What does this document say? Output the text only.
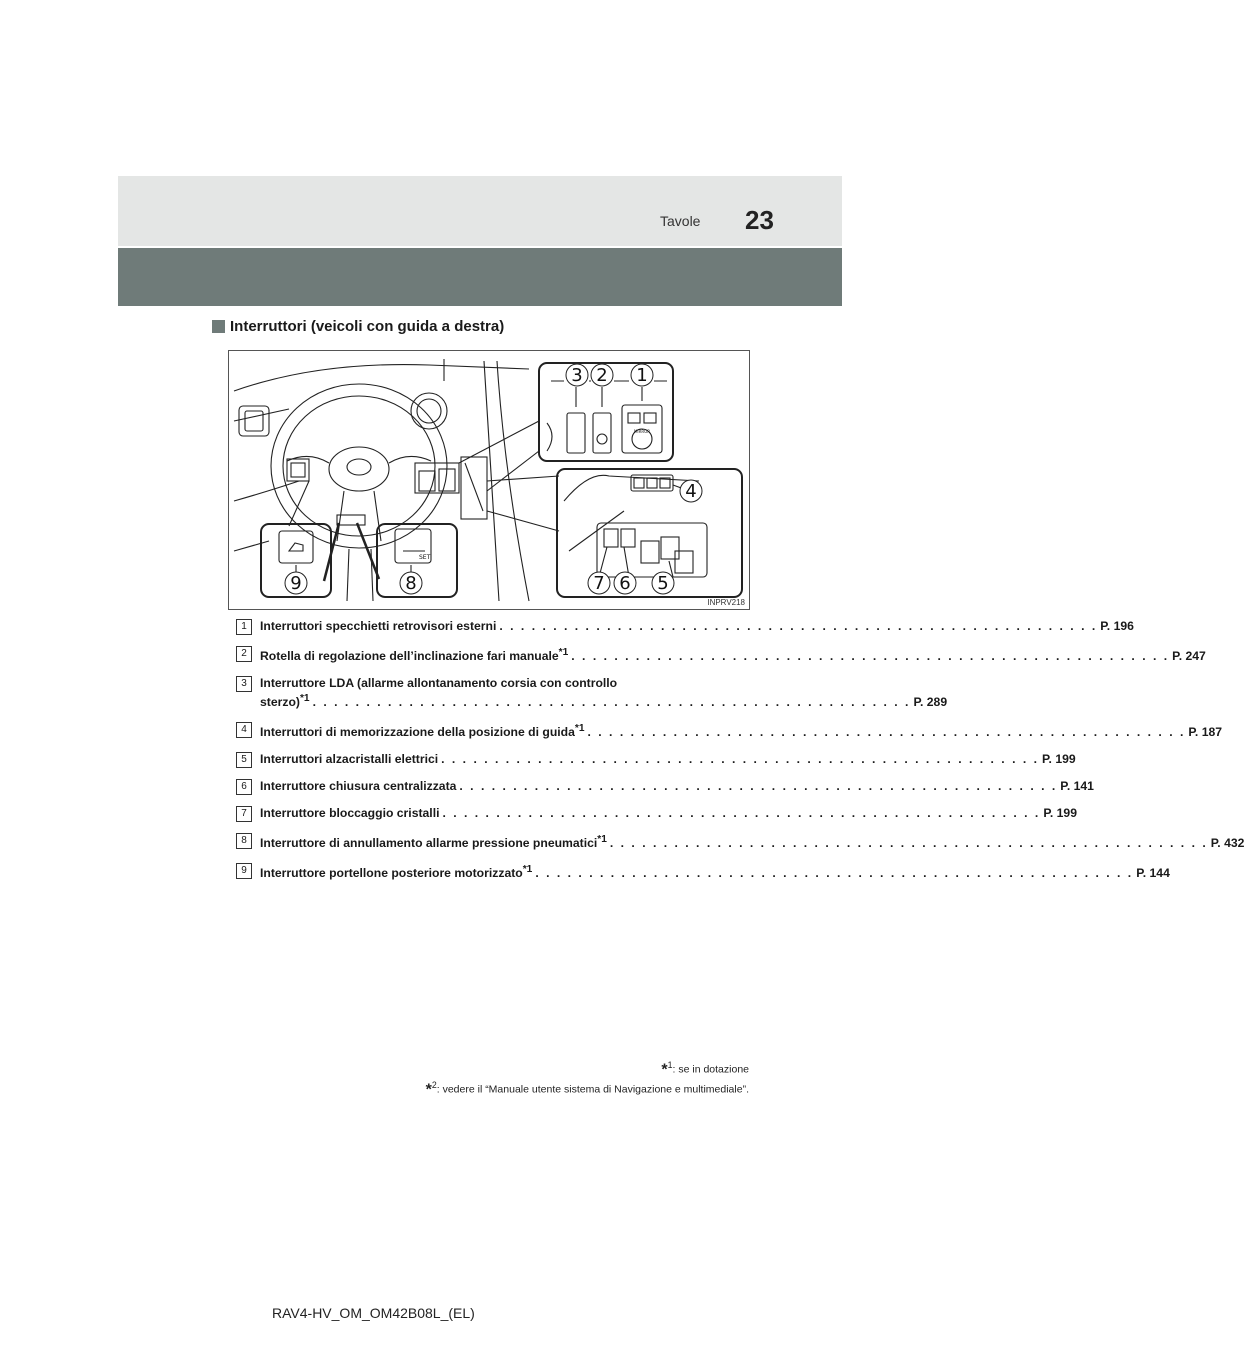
Tavole 23
Interruttori (veicoli con guida a destra)
1
2
3
4
5
6
7
8
9
MIRROR
SET
INPRV218
1	Interruttori specchietti retrovisori esterni . . . . . . . . . . . . . . . . . . . . . . . . . . . . . . . . . . . . . . . . . . . . . . . . . . . . . . . . P. 196
2	Rotella di regolazione dell’inclinazione fari manuale$^{*1}$ . . . . . . . . . . . . . . . . . . . . . . . . . . . . . . . . . . . . . . . . . . . . . . . . . . . . . . . . P. 247
3	Interruttore LDA (allarme allontanamento corsia con controllo
sterzo)$^{*1}$ . . . . . . . . . . . . . . . . . . . . . . . . . . . . . . . . . . . . . . . . . . . . . . . . . . . . . . . . P. 289
4	Interruttori di memorizzazione della posizione di guida$^{*1}$ . . . . . . . . . . . . . . . . . . . . . . . . . . . . . . . . . . . . . . . . . . . . . . . . . . . . . . . . P. 187
5	Interruttori alzacristalli elettrici . . . . . . . . . . . . . . . . . . . . . . . . . . . . . . . . . . . . . . . . . . . . . . . . . . . . . . . . P. 199
6	Interruttore chiusura centralizzata . . . . . . . . . . . . . . . . . . . . . . . . . . . . . . . . . . . . . . . . . . . . . . . . . . . . . . . . P. 141
7	Interruttore bloccaggio cristalli . . . . . . . . . . . . . . . . . . . . . . . . . . . . . . . . . . . . . . . . . . . . . . . . . . . . . . . . P. 199
8	Interruttore di annullamento allarme pressione pneumatici$^{*1}$ . . . . . . . . . . . . . . . . . . . . . . . . . . . . . . . . . . . . . . . . . . . . . . . . . . . . . . . . P. 432
9	Interruttore portellone posteriore motorizzato$^{*1}$ . . . . . . . . . . . . . . . . . . . . . . . . . . . . . . . . . . . . . . . . . . . . . . . . . . . . . . . . P. 144
*$^1$: se in dotazione
*$^2$: vedere il “Manuale utente sistema di Navigazione e multimediale”.
RAV4-HV_OM_OM42B08L_(EL)
